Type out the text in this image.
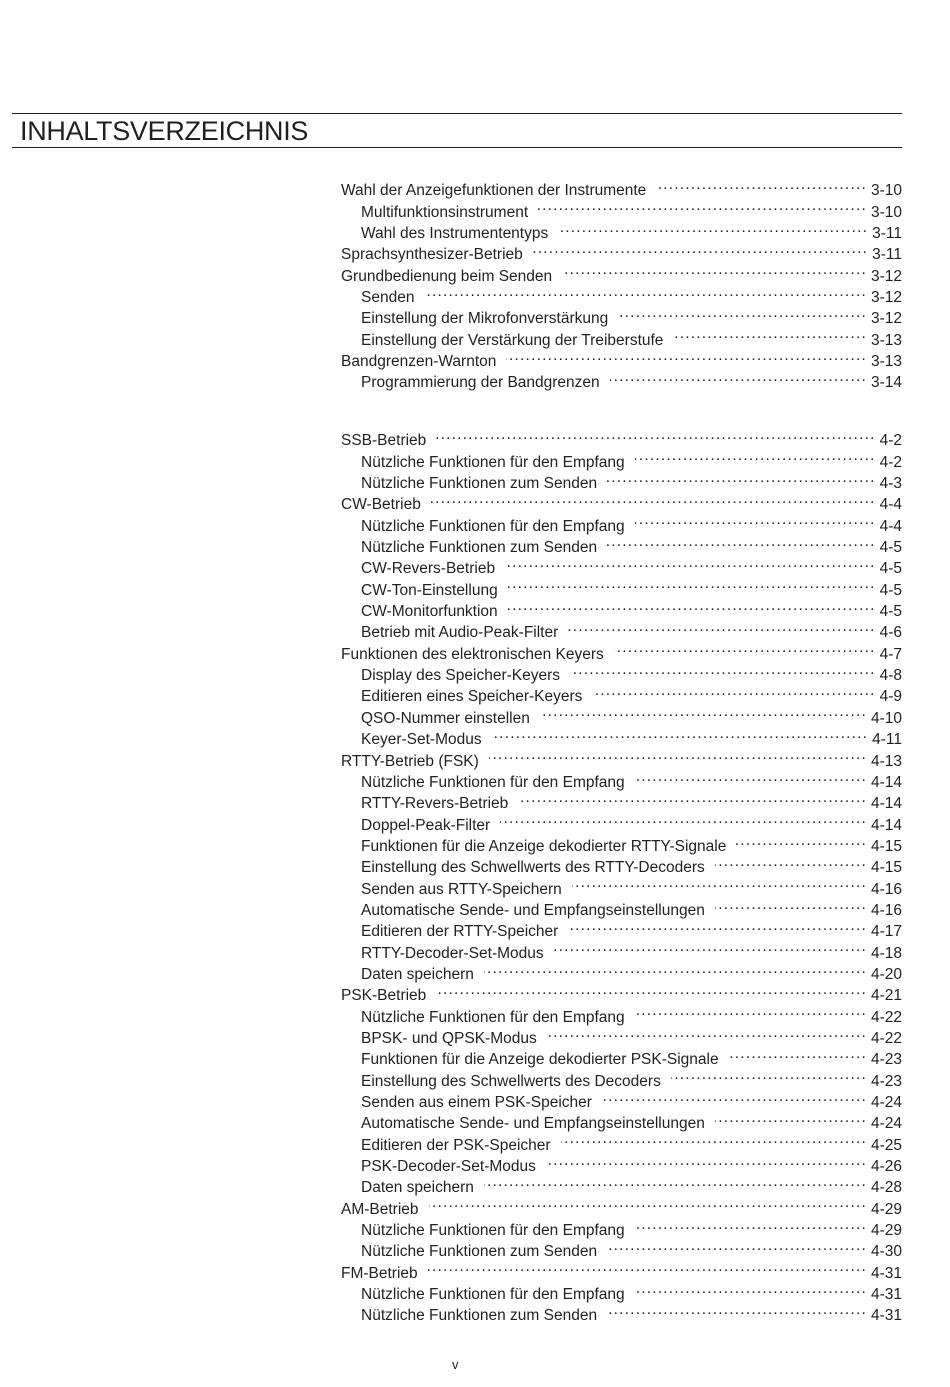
INHALTSVERZEICHNIS
Wahl der Anzeigefunktionen der Instrumente .....	3-10
Multifunktionsinstrument .....	3-10
Wahl des Instrumententyps .....	3-11
Sprachsynthesizer-Betrieb .....	3-11
Grundbedienung beim Senden .....	3-12
Senden .....	3-12
Einstellung der Mikrofonverstärkung .....	3-12
Einstellung der Verstärkung der Treiberstufe .....	3-13
Bandgrenzen-Warnton .....	3-13
Programmierung der Bandgrenzen .....	3-14
SSB-Betrieb .....	4-2
Nützliche Funktionen für den Empfang .....	4-2
Nützliche Funktionen zum Senden .....	4-3
CW-Betrieb .....	4-4
Nützliche Funktionen für den Empfang .....	4-4
Nützliche Funktionen zum Senden .....	4-5
CW-Revers-Betrieb .....	4-5
CW-Ton-Einstellung .....	4-5
CW-Monitorfunktion .....	4-5
Betrieb mit Audio-Peak-Filter .....	4-6
Funktionen des elektronischen Keyers .....	4-7
Display des Speicher-Keyers .....	4-8
Editieren eines Speicher-Keyers .....	4-9
QSO-Nummer einstellen .....	4-10
Keyer-Set-Modus .....	4-11
RTTY-Betrieb (FSK) .....	4-13
Nützliche Funktionen für den Empfang .....	4-14
RTTY-Revers-Betrieb .....	4-14
Doppel-Peak-Filter .....	4-14
Funktionen für die Anzeige dekodierter RTTY-Signale .....	4-15
Einstellung des Schwellwerts des RTTY-Decoders .....	4-15
Senden aus RTTY-Speichern .....	4-16
Automatische Sende- und Empfangseinstellungen .....	4-16
Editieren der RTTY-Speicher .....	4-17
RTTY-Decoder-Set-Modus .....	4-18
Daten speichern .....	4-20
PSK-Betrieb .....	4-21
Nützliche Funktionen für den Empfang .....	4-22
BPSK- und QPSK-Modus .....	4-22
Funktionen für die Anzeige dekodierter PSK-Signale .....	4-23
Einstellung des Schwellwerts des Decoders .....	4-23
Senden aus einem PSK-Speicher .....	4-24
Automatische Sende- und Empfangseinstellungen .....	4-24
Editieren der PSK-Speicher .....	4-25
PSK-Decoder-Set-Modus .....	4-26
Daten speichern .....	4-28
AM-Betrieb .....	4-29
Nützliche Funktionen für den Empfang .....	4-29
Nützliche Funktionen zum Senden .....	4-30
FM-Betrieb .....	4-31
Nützliche Funktionen für den Empfang .....	4-31
Nützliche Funktionen zum Senden .....	4-31
v
